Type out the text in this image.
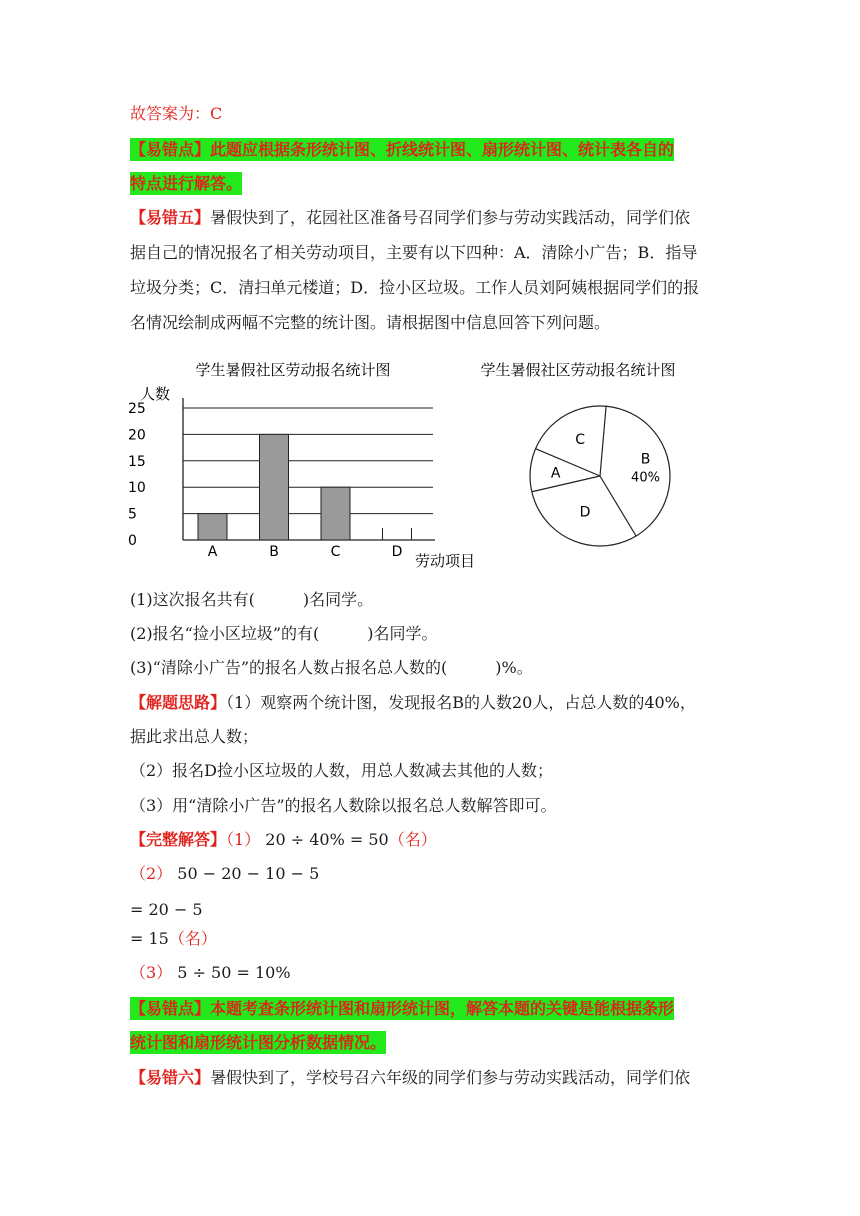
故答案为：C
【易错点】此题应根据条形统计图、折线统计图、扇形统计图、统计表各自的
特点进行解答。
【易错五】暑假快到了，花园社区准备号召同学们参与劳动实践活动，同学们依
据自己的情况报名了相关劳动项目，主要有以下四种：A．清除小广告；B．指导
垃圾分类；C．清扫单元楼道；D．捡小区垃圾。工作人员刘阿姨根据同学们的报
名情况绘制成两幅不完整的统计图。请根据图中信息回答下列问题。
学生暑假社区劳动报名统计图
人数
劳动项目
0
5
10
15
20
25
A	B	C	D
学生暑假社区劳动报名统计图
B
40%
D
A
C
(1)这次报名共有(　　　)名同学。
(2)报名“捡小区垃圾”的有(　　　)名同学。
(3)“清除小广告”的报名人数占报名总人数的(　　　)%。
【解题思路】（1）观察两个统计图，发现报名B的人数20人，占总人数的40%，
据此求出总人数；
（2）报名D捡小区垃圾的人数，用总人数减去其他的人数；
（3）用“清除小广告”的报名人数除以报名总人数解答即可。
【完整解答】（1） 20 ÷ 40% = 50（名）
（2） 50 − 20 − 10 − 5
= 20 − 5
= 15（名）
（3） 5 ÷ 50 = 10%
【易错点】本题考查条形统计图和扇形统计图，解答本题的关键是能根据条形
统计图和扇形统计图分析数据情况。
【易错六】暑假快到了，学校号召六年级的同学们参与劳动实践活动，同学们依
